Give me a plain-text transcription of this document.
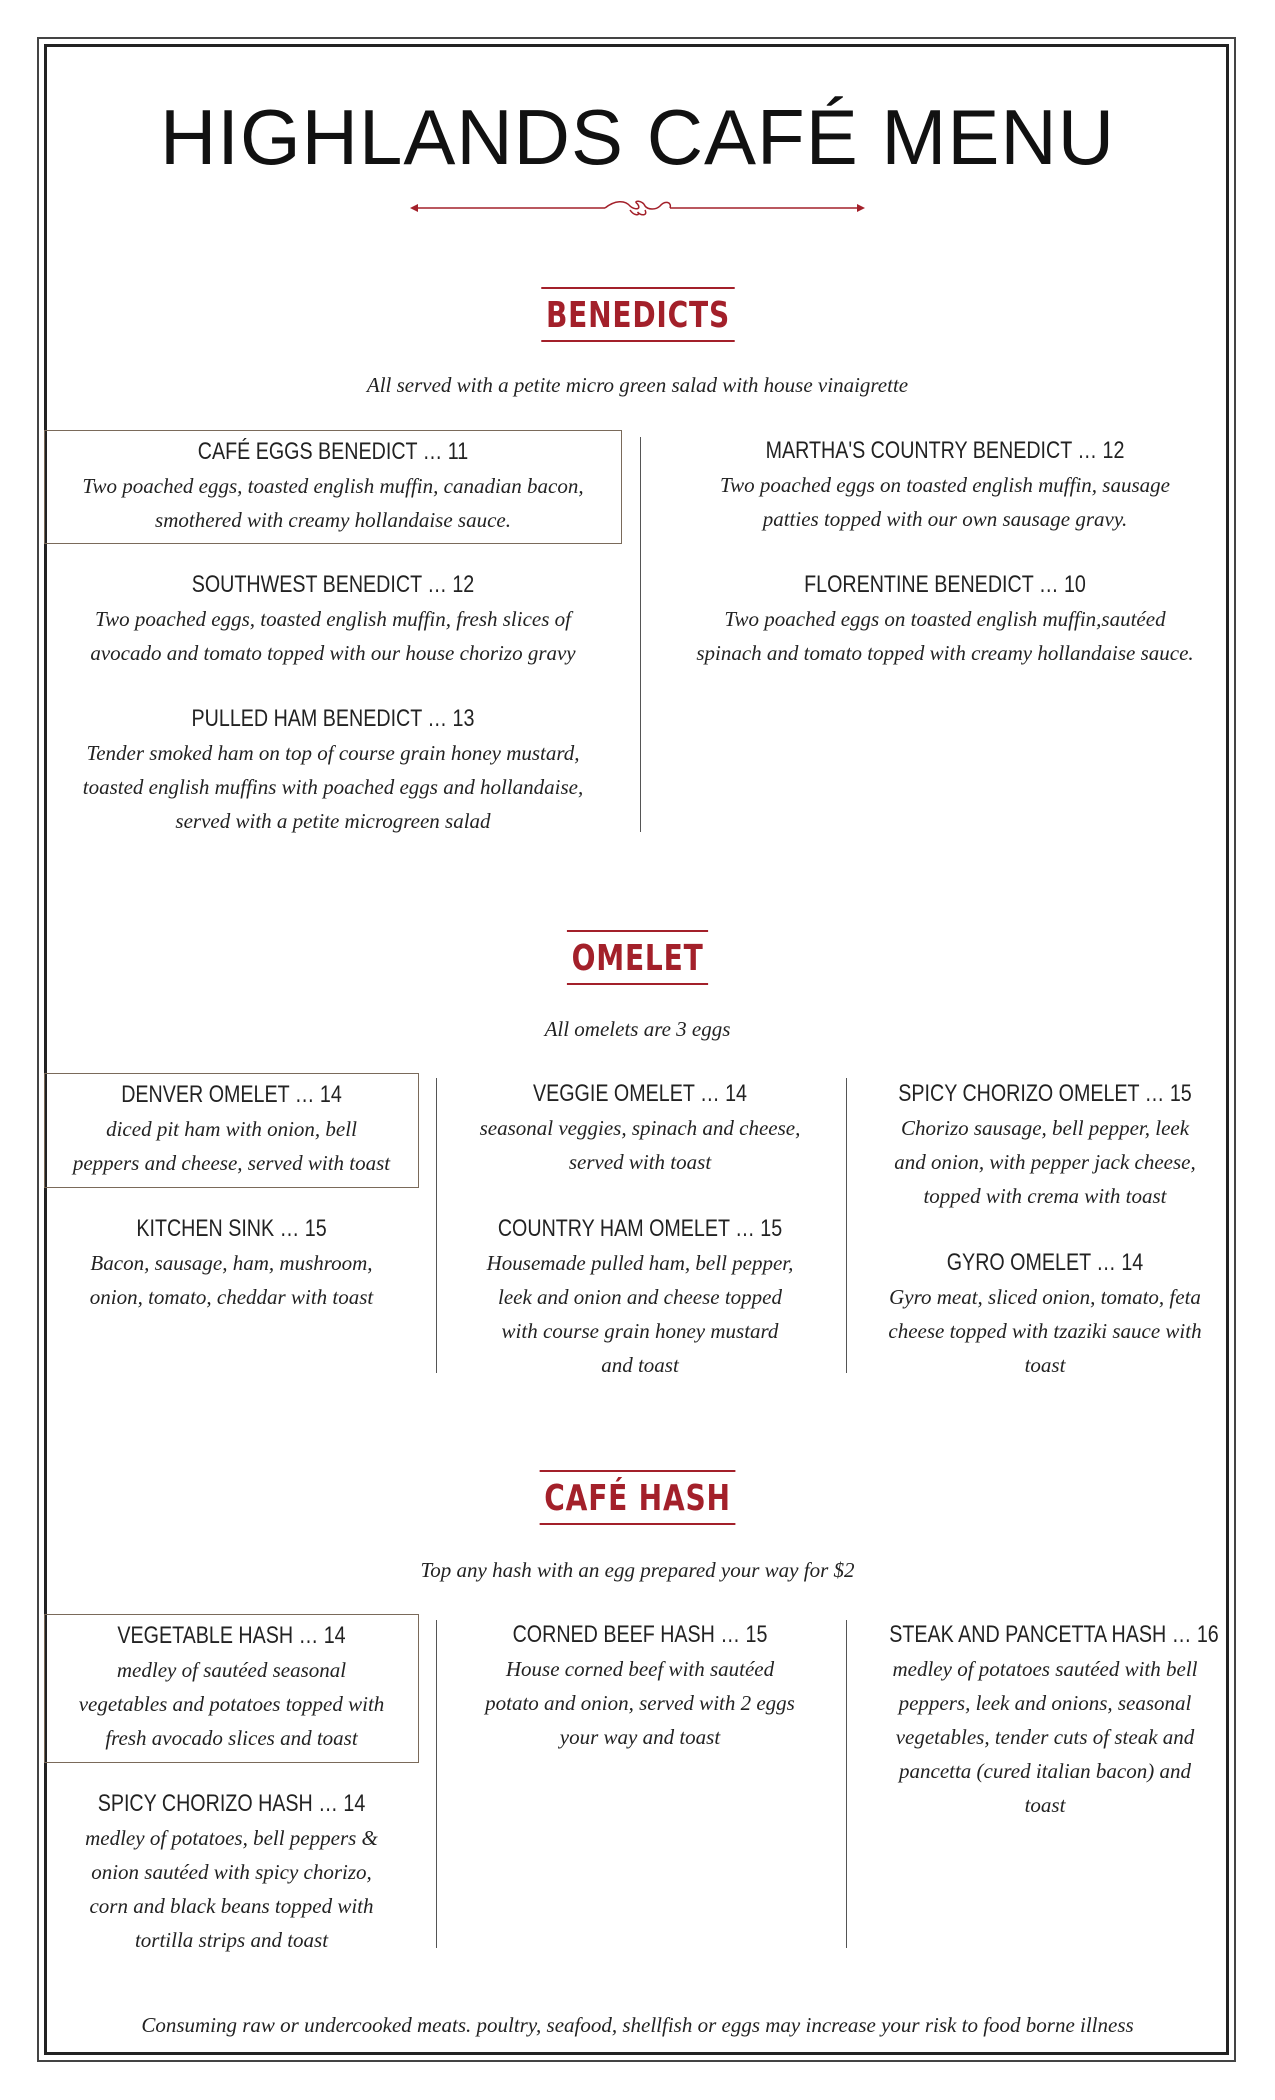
HIGHLANDS CAFÉ MENU
BENEDICTS
All served with a petite micro green salad with house vinaigrette
CAFÉ EGGS BENEDICT … 11
Two poached eggs, toasted english muffin, canadian bacon,
smothered with creamy hollandaise sauce.
SOUTHWEST BENEDICT … 12
Two poached eggs, toasted english muffin, fresh slices of
avocado and tomato topped with our house chorizo gravy
PULLED HAM BENEDICT … 13
Tender smoked ham on top of course grain honey mustard,
toasted english muffins with poached eggs and hollandaise,
served with a petite microgreen salad
MARTHA'S COUNTRY BENEDICT … 12
Two poached eggs on toasted english muffin, sausage
patties topped with our own sausage gravy.
FLORENTINE BENEDICT … 10
Two poached eggs on toasted english muffin,sautéed
spinach and tomato topped with creamy hollandaise sauce.
OMELET
All omelets are 3 eggs
DENVER OMELET … 14
diced pit ham with onion, bell
peppers and cheese, served with toast
KITCHEN SINK … 15
Bacon, sausage, ham, mushroom,
onion, tomato, cheddar with toast
VEGGIE OMELET … 14
seasonal veggies, spinach and cheese,
served with toast
COUNTRY HAM OMELET … 15
Housemade pulled ham, bell pepper,
leek and onion and cheese topped
with course grain honey mustard
and toast
SPICY CHORIZO OMELET … 15
Chorizo sausage, bell pepper, leek
and onion, with pepper jack cheese,
topped with crema with toast
GYRO OMELET … 14
Gyro meat, sliced onion, tomato, feta
cheese topped with tzaziki sauce with
toast
CAFÉ HASH
Top any hash with an egg prepared your way for $2
VEGETABLE HASH … 14
medley of sautéed seasonal
vegetables and potatoes topped with
fresh avocado slices and toast
SPICY CHORIZO HASH … 14
medley of potatoes, bell peppers &
onion sautéed with spicy chorizo,
corn and black beans topped with
tortilla strips and toast
CORNED BEEF HASH … 15
House corned beef with sautéed
potato and onion, served with 2 eggs
your way and toast
STEAK AND PANCETTA HASH … 16
medley of potatoes sautéed with bell
peppers, leek and onions, seasonal
vegetables, tender cuts of steak and
pancetta (cured italian bacon) and
toast
Consuming raw or undercooked meats. poultry, seafood, shellfish or eggs may increase your risk to food borne illness
